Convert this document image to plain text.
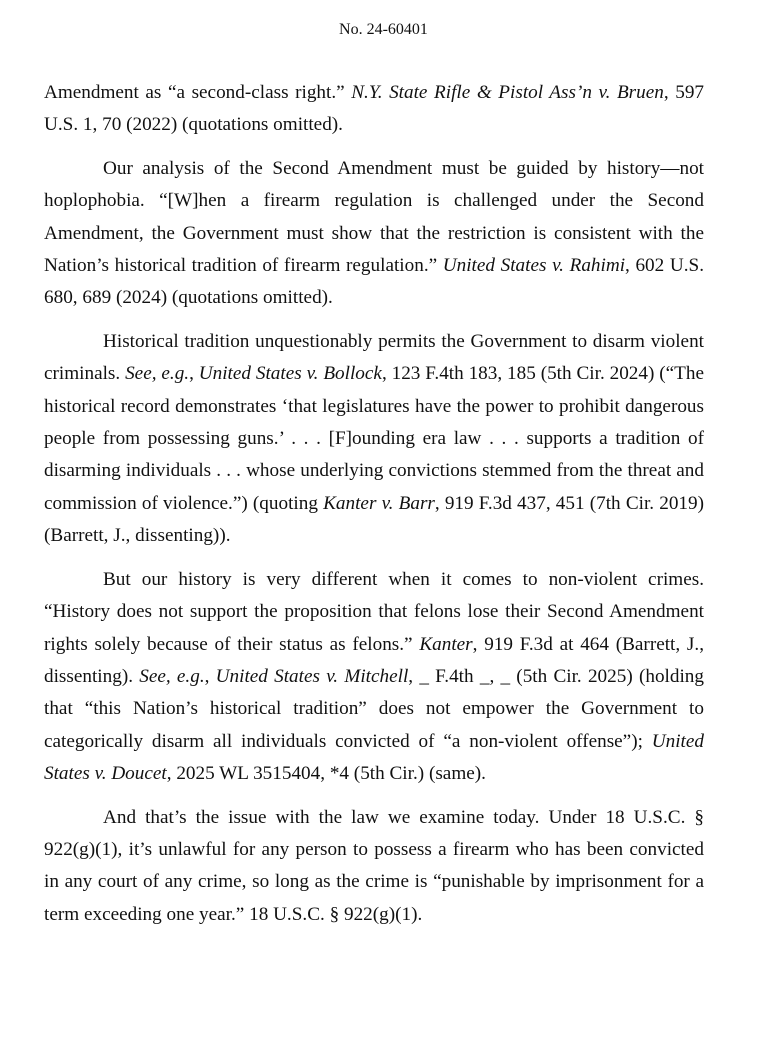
No. 24-60401

Amendment as “a second-class right.” N.Y. State Rifle & Pistol Ass’n v. Bruen, 597 U.S. 1, 70 (2022) (quotations omitted).

Our analysis of the Second Amendment must be guided by history—not hoplophobia. “[W]hen a firearm regulation is challenged under the Second Amendment, the Government must show that the restriction is consistent with the Nation’s historical tradition of firearm regulation.” United States v. Rahimi, 602 U.S. 680, 689 (2024) (quotations omitted).

Historical tradition unquestionably permits the Government to disarm violent criminals. See, e.g., United States v. Bollock, 123 F.4th 183, 185 (5th Cir. 2024) (“The historical record demonstrates ‘that legislatures have the power to prohibit dangerous people from possessing guns.’ . . . [F]ounding era law . . . supports a tradition of disarming individuals . . . whose underlying convictions stemmed from the threat and commission of violence.”) (quoting Kanter v. Barr, 919 F.3d 437, 451 (7th Cir. 2019) (Barrett, J., dissenting)).

But our history is very different when it comes to non-violent crimes. “History does not support the proposition that felons lose their Second Amendment rights solely because of their status as felons.” Kanter, 919 F.3d at 464 (Barrett, J., dissenting). See, e.g., United States v. Mitchell, _ F.4th _, _ (5th Cir. 2025) (holding that “this Nation’s historical tradition” does not empower the Government to categorically disarm all individuals convicted of “a non-violent offense”); United States v. Doucet, 2025 WL 3515404, *4 (5th Cir.) (same).

And that’s the issue with the law we examine today. Under 18 U.S.C. § 922(g)(1), it’s unlawful for any person to possess a firearm who has been convicted in any court of any crime, so long as the crime is “punishable by imprisonment for a term exceeding one year.” 18 U.S.C. § 922(g)(1).
